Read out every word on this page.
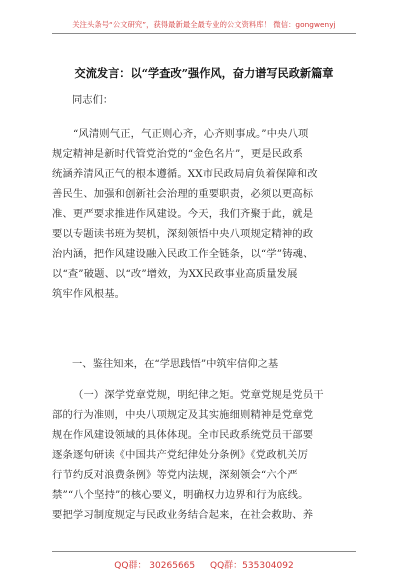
关注头条号“公文研究”，获得最新最全最专业的公文资料库！ 微信：gongwenyj
交流发言：以“学查改”强作风，奋力谱写民政新篇章
同志们：
“风清则气正，气正则心齐，心齐则事成。”中央八项
规定精神是新时代管党治党的“金色名片”，更是民政系
统涵养清风正气的根本遵循。XX市民政局肩负着保障和改
善民生、加强和创新社会治理的重要职责，必须以更高标
准、更严要求推进作风建设。今天，我们齐聚于此，就是
要以专题读书班为契机，深刻领悟中央八项规定精神的政
治内涵，把作风建设融入民政工作全链条，以“学”铸魂、
以“查”破题、以“改”增效，为XX民政事业高质量发展
筑牢作风根基。
一、鉴往知来，在“学思践悟”中筑牢信仰之基
（一）深学党章党规，明纪律之矩。党章党规是党员干
部的行为准则，中央八项规定及其实施细则精神是党章党
规在作风建设领域的具体体现。全市民政系统党员干部要
逐条逐句研读《中国共产党纪律处分条例》《党政机关厉
行节约反对浪费条例》等党内法规，深刻领会“六个严
禁”“八个坚持”的核心要义，明确权力边界和行为底线。
要把学习制度规定与民政业务结合起来，在社会救助、养
QQ群： 30265665 QQ群：535304092
